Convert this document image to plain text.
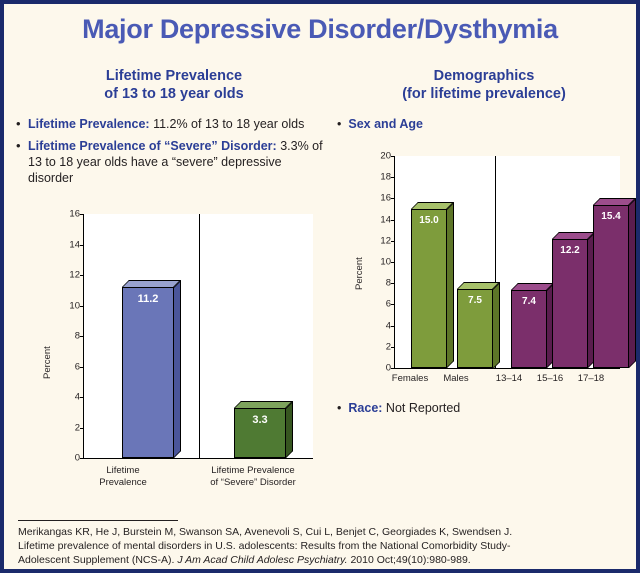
Major Depressive Disorder/Dysthymia
Lifetime Prevalence
of 13 to 18 year olds
• Lifetime Prevalence: 11.2% of 13 to 18 year olds
• Lifetime Prevalence of “Severe” Disorder: 3.3% of 13 to 18 year olds have a “severe” depressive disorder
Percent
0
2
4
6
8
10
12
14
16
11.2
3.3
Lifetime
Prevalence
Lifetime Prevalence
of “Severe” Disorder
Demographics
(for lifetime prevalence)
• Sex and Age
• Race: Not Reported
Percent
0
2
4
6
8
10
12
14
16
18
20
15.0
7.5	7.4
12.2
15.4
Females	Males	13–14	15–16	17–18
Merikangas KR, He J, Burstein M, Swanson SA, Avenevoli S, Cui L, Benjet C, Georgiades K, Swendsen J.
Lifetime prevalence of mental disorders in U.S. adolescents: Results from the National Comorbidity Study-
Adolescent Supplement (NCS-A). J Am Acad Child Adolesc Psychiatry. 2010 Oct;49(10):980-989.
